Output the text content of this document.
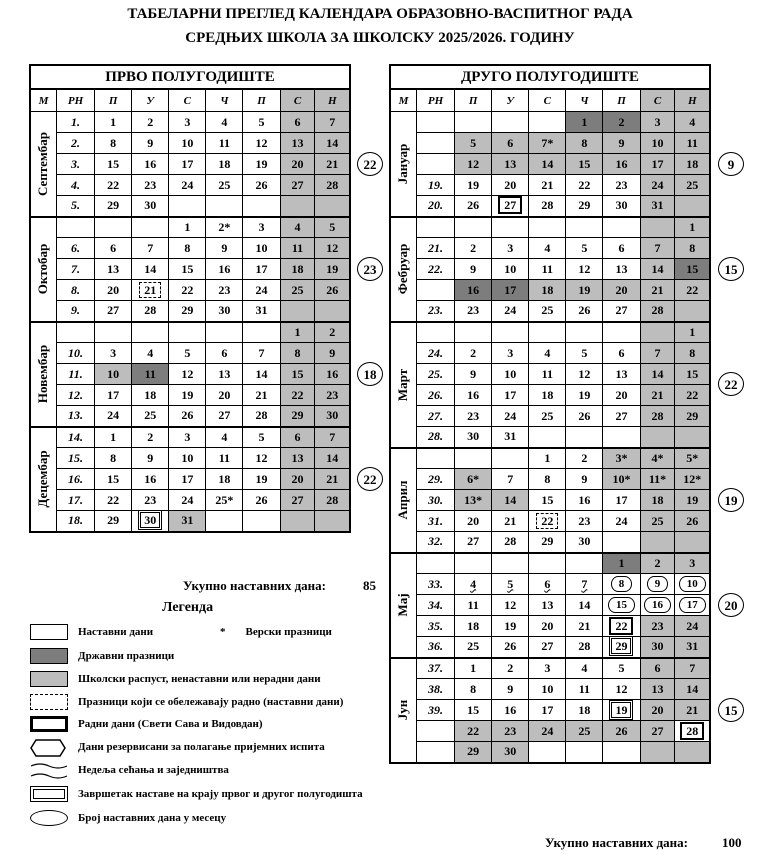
ТАБЕЛАРНИ ПРЕГЛЕД КАЛЕНДАРА ОБРАЗОВНО-ВАСПИТНОГ РАДА
СРЕДЊИХ ШКОЛА ЗА ШКОЛСКУ 2025/2026. ГОДИНУ
ПРВО ПОЛУГОДИШТЕ	ДРУГО ПОЛУГОДИШТЕ
М	РН	П	У	С	Ч	П	С	Н

Септембар	1.	1	2	3	4	5	6	7
	2.	8	9	10	11	12	13	14
	3.	15	16	17	18	19	20	21
	4.	22	23	24	25	26	27	28
	5.	29	30					

Октобар				1	2*	3	4	5
	6.	6	7	8	9	10	11	12
	7.	13	14	15	16	17	18	19
	8.	20	21	22	23	24	25	26
	9.	27	28	29	30	31		

Новембар							1	2
	10.	3	4	5	6	7	8	9
	11.	10	11	12	13	14	15	16
	12.	17	18	19	20	21	22	23
	13.	24	25	26	27	28	29	30

Децембар	14.	1	2	3	4	5	6	7
	15.	8	9	10	11	12	13	14
	16.	15	16	17	18	19	20	21
	17.	22	23	24	25*	26	27	28
	18.	29	30	31				
М	РН	П	У	С	Ч	П	С	Н

Јануар					1	2	3	4
		5	6	7*	8	9	10	11
		12	13	14	15	16	17	18
	19.	19	20	21	22	23	24	25
	20.	26	27	28	29	30	31	

Фебруар								1
	21.	2	3	4	5	6	7	8
	22.	9	10	11	12	13	14	15
		16	17	18	19	20	21	22
	23.	23	24	25	26	27	28	

Март								1
	24.	2	3	4	5	6	7	8
	25.	9	10	11	12	13	14	15
	26.	16	17	18	19	20	21	22
	27.	23	24	25	26	27	28	29
	28.	30	31					

Април				1	2	3*	4*	5*
	29.	6*	7	8	9	10*	11*	12*
	30.	13*	14	15	16	17	18	19
	31.	20	21	22	23	24	25	26
	32.	27	28	29	30			

Мај						1	2	3
	33.	4	5	6	7	8	9	10
	34.	11	12	13	14	15	16	17
	35.	18	19	20	21	22	23	24
	36.	25	26	27	28	29	30	31

Јун	37.	1	2	3	4	5	6	7
	38.	8	9	10	11	12	13	14
	39.	15	16	17	18	19	20	21
		22	23	24	25	26	27	28
		29	30					
Укупно наставних дана:	85
Укупно наставних дана:	100
Легенда
* Верски празници
Наставни дани
Државни празници
Школски распуст, ненаставни или нерадни дани
Празници који се обележавају радно (наставни дани)
Радни дани (Свети Сава и Видовдан)
Дани резервисани за полагање пријемних испита
Недеља сећања и заједништва
Завршетак наставе на крају првог и другог полугодишта
Број наставних дана у месецу
22
23
18
22
9
15
22
19
20
15
